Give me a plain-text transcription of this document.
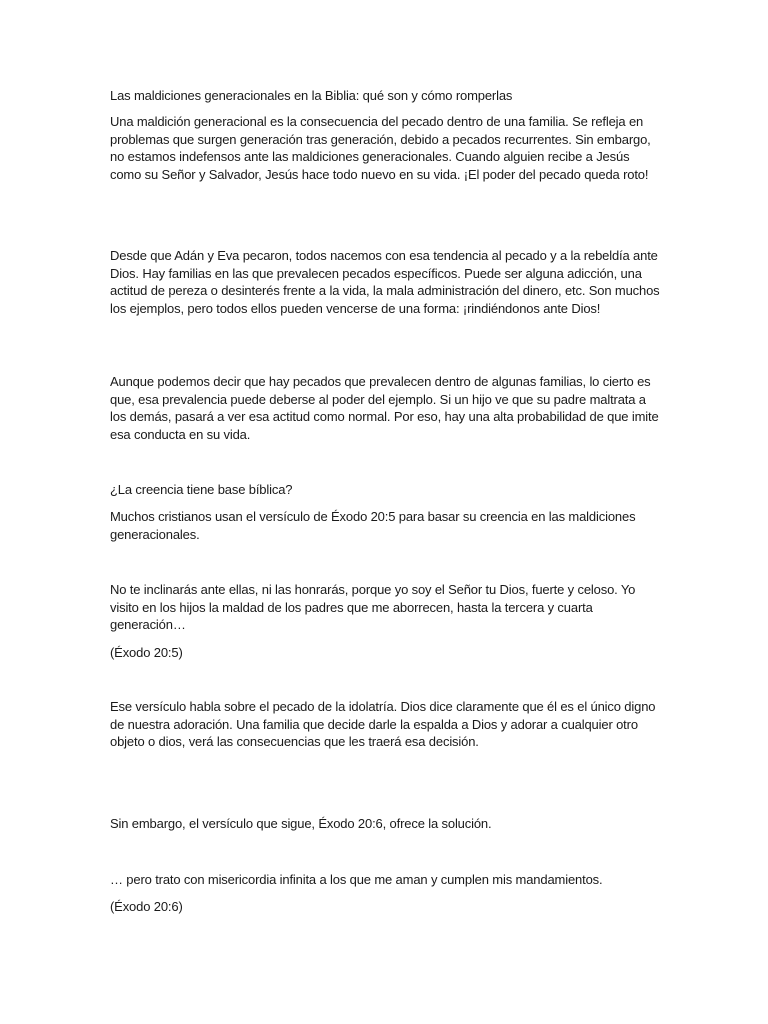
Las maldiciones generacionales en la Biblia: qué son y cómo romperlas

Una maldición generacional es la consecuencia del pecado dentro de una familia. Se refleja en problemas que surgen generación tras generación, debido a pecados recurrentes. Sin embargo, no estamos indefensos ante las maldiciones generacionales. Cuando alguien recibe a Jesús como su Señor y Salvador, Jesús hace todo nuevo en su vida. ¡El poder del pecado queda roto!

Desde que Adán y Eva pecaron, todos nacemos con esa tendencia al pecado y a la rebeldía ante Dios. Hay familias en las que prevalecen pecados específicos. Puede ser alguna adicción, una actitud de pereza o desinterés frente a la vida, la mala administración del dinero, etc. Son muchos los ejemplos, pero todos ellos pueden vencerse de una forma: ¡rindiéndonos ante Dios!

Aunque podemos decir que hay pecados que prevalecen dentro de algunas familias, lo cierto es que, esa prevalencia puede deberse al poder del ejemplo. Si un hijo ve que su padre maltrata a los demás, pasará a ver esa actitud como normal. Por eso, hay una alta probabilidad de que imite esa conducta en su vida.

¿La creencia tiene base bíblica?

Muchos cristianos usan el versículo de Éxodo 20:5 para basar su creencia en las maldiciones generacionales.

No te inclinarás ante ellas, ni las honrarás, porque yo soy el Señor tu Dios, fuerte y celoso. Yo visito en los hijos la maldad de los padres que me aborrecen, hasta la tercera y cuarta generación…

(Éxodo 20:5)

Ese versículo habla sobre el pecado de la idolatría. Dios dice claramente que él es el único digno de nuestra adoración. Una familia que decide darle la espalda a Dios y adorar a cualquier otro objeto o dios, verá las consecuencias que les traerá esa decisión.

Sin embargo, el versículo que sigue, Éxodo 20:6, ofrece la solución.

… pero trato con misericordia infinita a los que me aman y cumplen mis mandamientos.

(Éxodo 20:6)
